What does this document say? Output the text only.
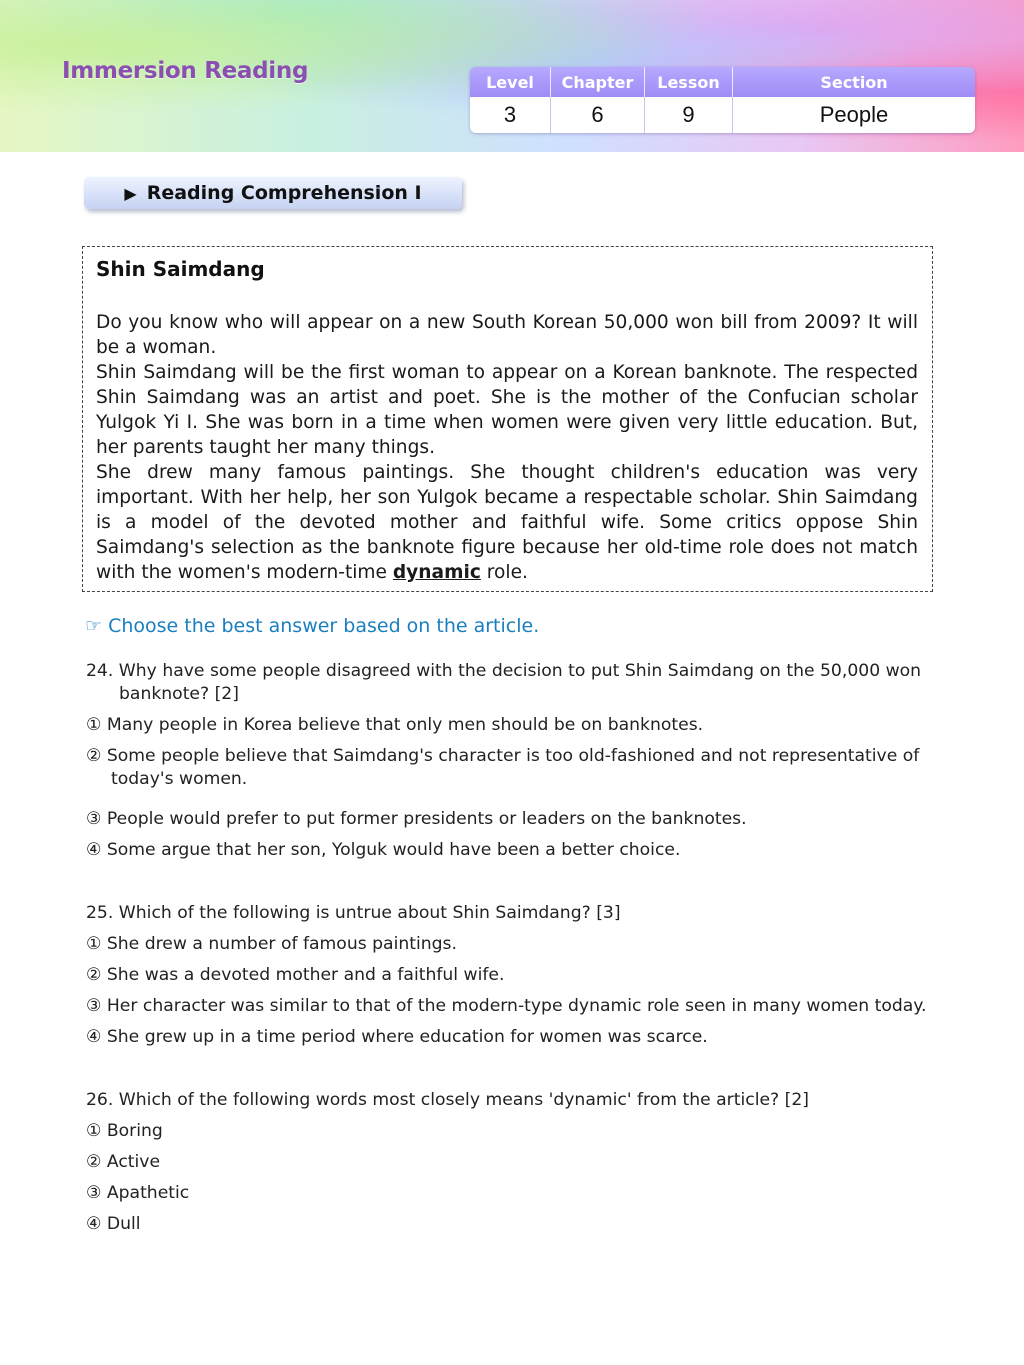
Immersion Reading	Level	Chapter	Lesson	Section
3	6	9	People
▶ Reading Comprehension Ⅰ
Shin Saimdang

Do you know who will appear on a new South Korean 50,000 won bill from 2009? It will be a woman.

Shin Saimdang will be the first woman to appear on a Korean banknote. The respected Shin Saimdang was an artist and poet. She is the mother of the Confucian scholar Yulgok Yi I. She was born in a time when women were given very little education. But, her parents taught her many things.

She drew many famous paintings. She thought children's education was very important. With her help, her son Yulgok became a respectable scholar. Shin Saimdang is a model of the devoted mother and faithful wife. Some critics oppose Shin Saimdang's selection as the banknote figure because her old-time role does not match with the women's modern-time dynamic role.

☞ Choose the best answer based on the article.

24. Why have some people disagreed with the decision to put Shin Saimdang on the 50,000 won
banknote? [2]

① Many people in Korea believe that only men should be on banknotes.

② Some people believe that Saimdang's character is too old-fashioned and not representative of
today's women.

③ People would prefer to put former presidents or leaders on the banknotes.

④ Some argue that her son, Yolguk would have been a better choice.

25. Which of the following is untrue about Shin Saimdang? [3]

① She drew a number of famous paintings.

② She was a devoted mother and a faithful wife.

③ Her character was similar to that of the modern-type dynamic role seen in many women today.

④ She grew up in a time period where education for women was scarce.

26. Which of the following words most closely means 'dynamic' from the article? [2]

① Boring

② Active

③ Apathetic

④ Dull
